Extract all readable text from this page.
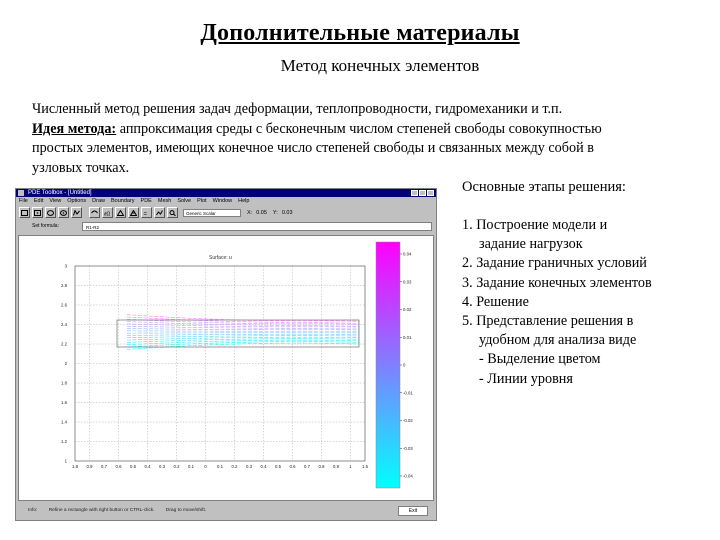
Дополнительные материалы
Метод конечных элементов
Численный метод решения задач деформации, теплопроводности, гидромеханики и т.п.
Идея метода: аппроксимация среды с бесконечным числом степеней свободы совокупностью
простых элементов, имеющих конечное число степеней свободы и связанных между собой в
узловых точках.
Основные этапы решения:
1. Построение модели и
задание нагрузок
2. Задание граничных условий
3. Задание конечных элементов
4. Решение
5. Представление решения в
удобном для анализа виде
- Выделение цветом
- Линии уровня
PDE Toolbox - [Untitled]
File Edit View Options Draw Boundary PDE Mesh Solve Plot Window Help
∂Ω	=	Generic Scalar	X: 0.05 Y: 0.03
Set formula:	R1-R2
Surface: u
1.8 0.9 0.7 0.6 0.5 0.4 0.3 0.2 0.1 0 0.1 0.2 0.3 0.4 0.5 0.6 0.7 0.8 0.9 1 1.5
3
2.8
2.6
2.4
2.2
2
1.8
1.6
1.4
1.2
1
0.04
0.03
0.02
0.01
0
-0.01
-0.02
-0.03
-0.04
Info: Refine a rectangle with right button or CTRL-click. Drag to move/shift.	Exit
